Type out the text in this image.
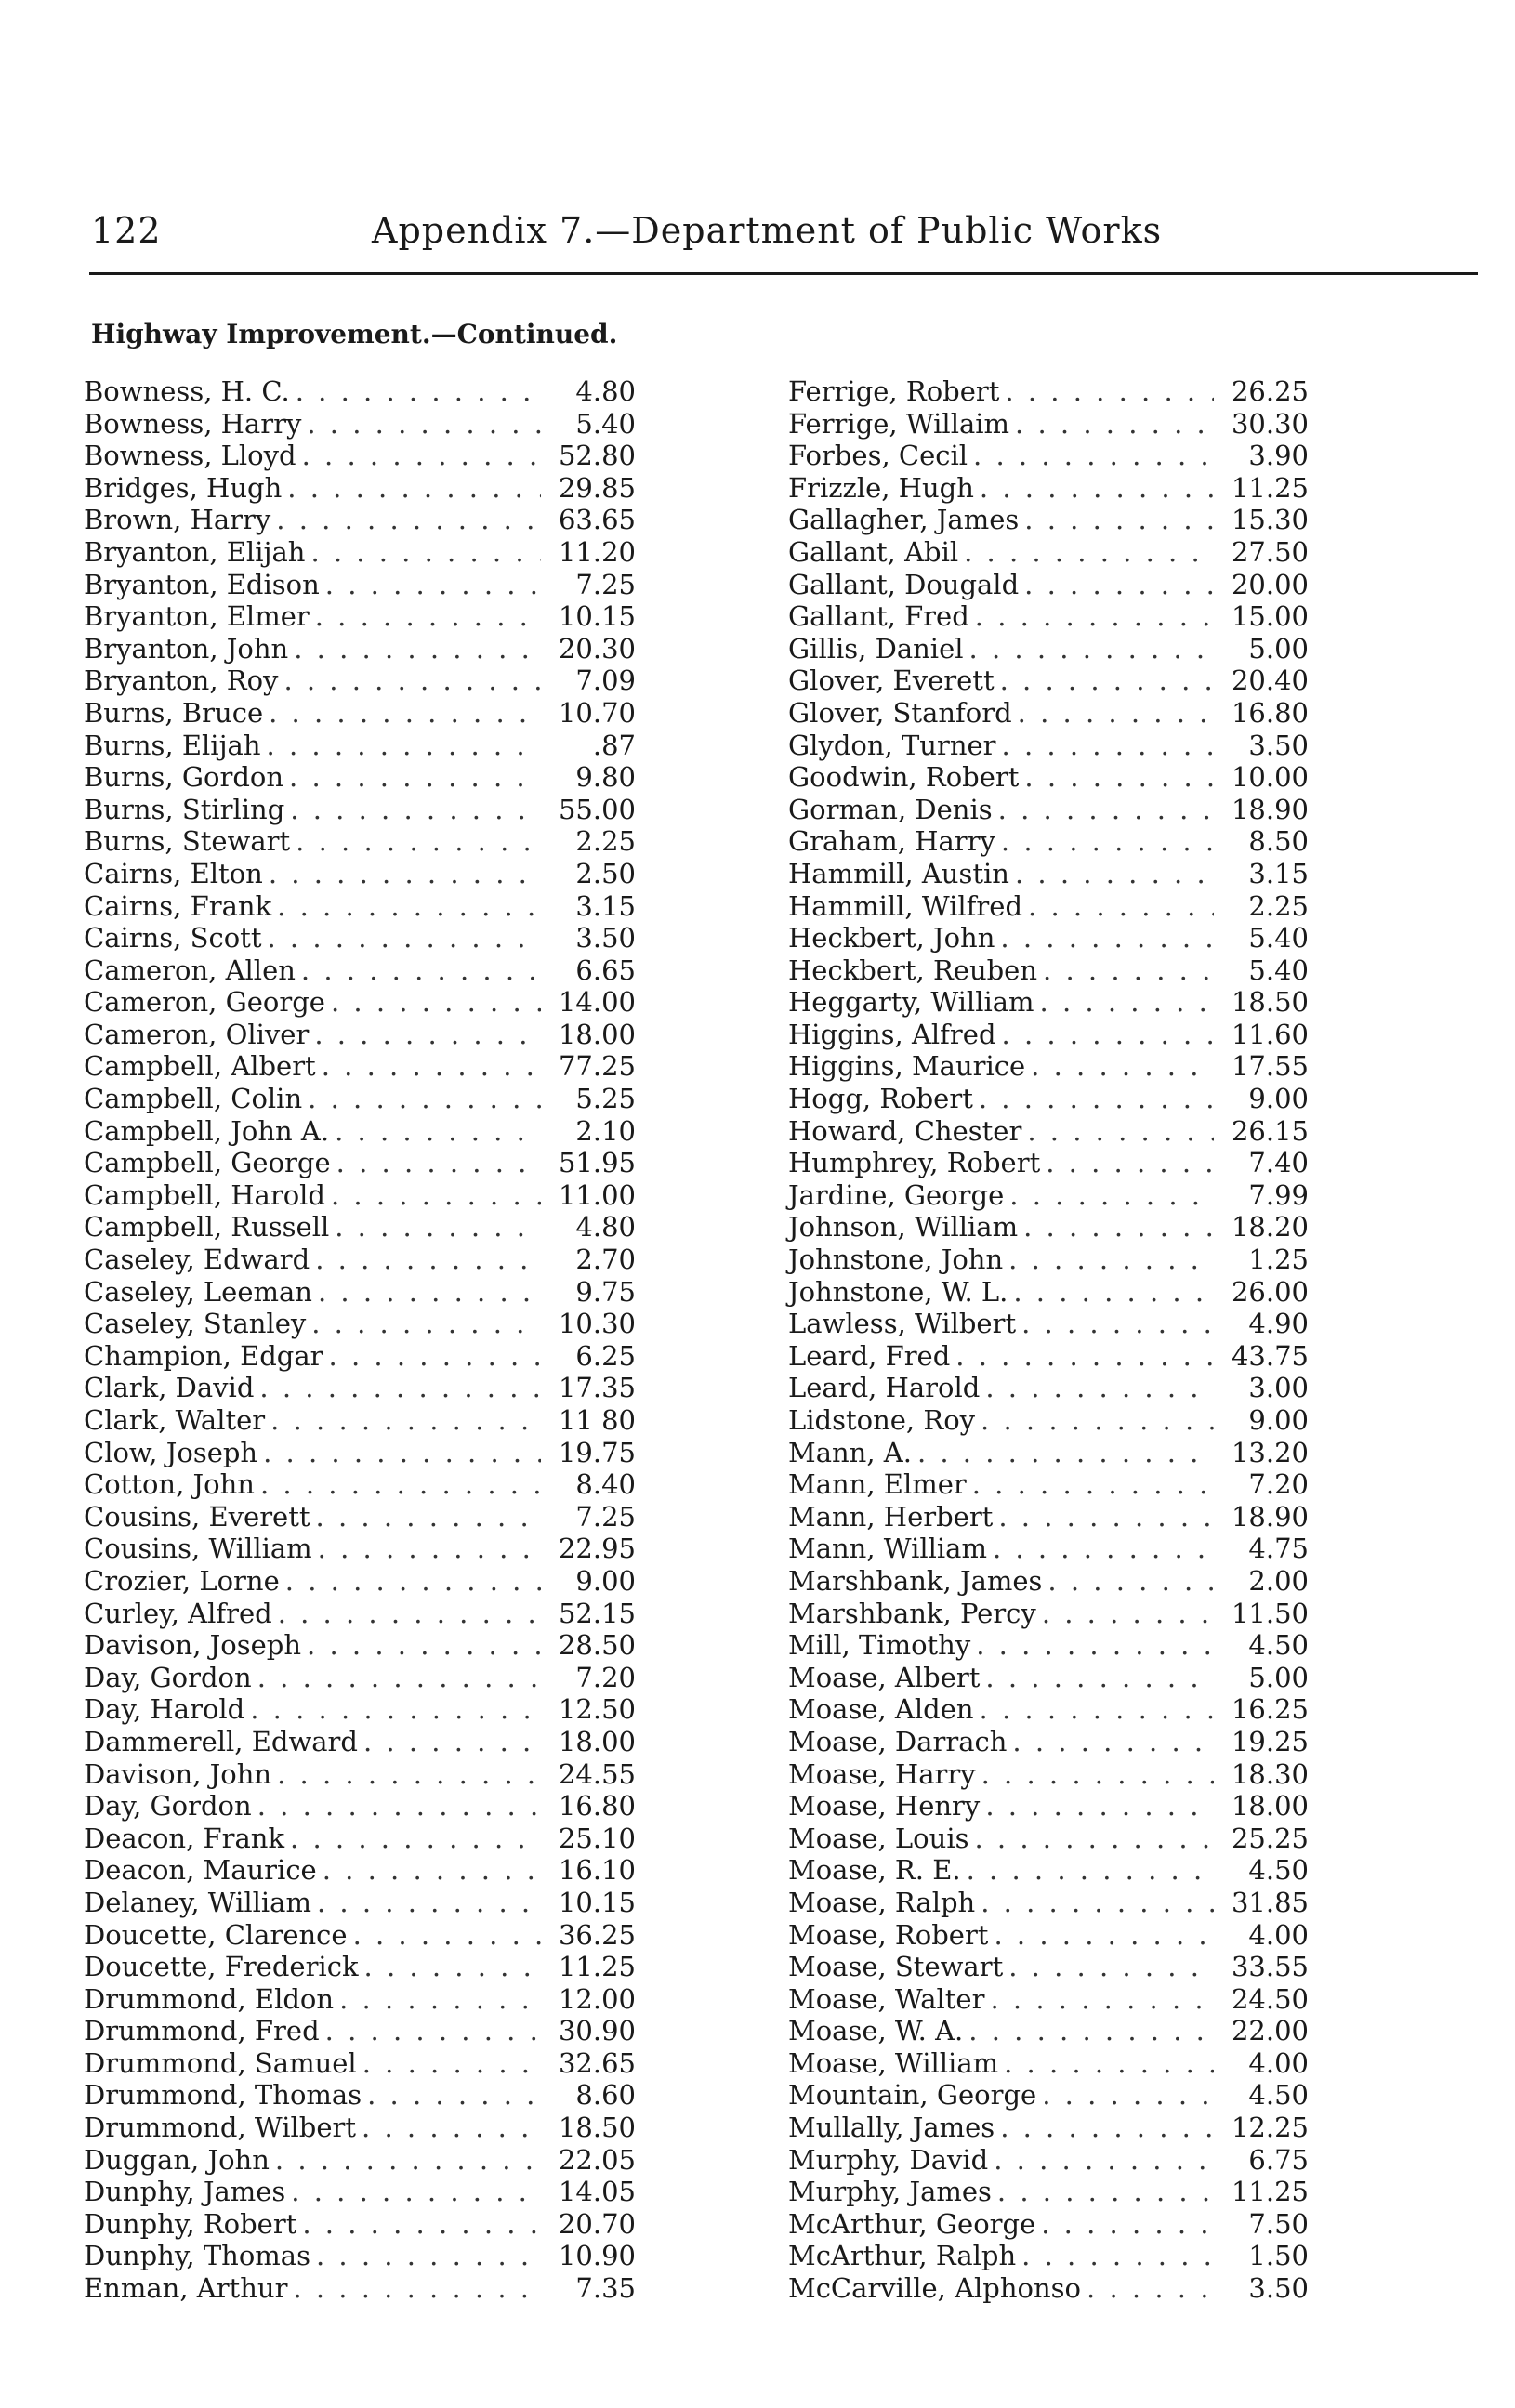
122	Appendix 7.—Department of Public Works
Highway Improvement.—Continued.
Bowness, H. C. . . .	4.80
Bowness, Harry . . .	5.40
Bowness, Lloyd . . .	52.80
Bridges, Hugh . . .	29.85
Brown, Harry . . .	63.65
Bryanton, Elijah . . .	11.20
Bryanton, Edison . . .	7.25
Bryanton, Elmer . . .	10.15
Bryanton, John . . .	20.30
Bryanton, Roy . . .	7.09
Burns, Bruce . . .	10.70
Burns, Elijah . . .	.87
Burns, Gordon . . .	9.80
Burns, Stirling . . .	55.00
Burns, Stewart . . .	2.25
Cairns, Elton . . .	2.50
Cairns, Frank . . .	3.15
Cairns, Scott . . .	3.50
Cameron, Allen . . .	6.65
Cameron, George . . .	14.00
Cameron, Oliver . . .	18.00
Campbell, Albert . . .	77.25
Campbell, Colin . . .	5.25
Campbell, John A. . . .	2.10
Campbell, George . . .	51.95
Campbell, Harold . . .	11.00
Campbell, Russell . . .	4.80
Caseley, Edward . . .	2.70
Caseley, Leeman . . .	9.75
Caseley, Stanley . . .	10.30
Champion, Edgar . . .	6.25
Clark, David . . .	17.35
Clark, Walter . . .	11 80
Clow, Joseph . . .	19.75
Cotton, John . . .	8.40
Cousins, Everett . . .	7.25
Cousins, William . . .	22.95
Crozier, Lorne . . .	9.00
Curley, Alfred . . .	52.15
Davison, Joseph . . .	28.50
Day, Gordon . . .	7.20
Day, Harold . . .	12.50
Dammerell, Edward . . .	18.00
Davison, John . . .	24.55
Day, Gordon . . .	16.80
Deacon, Frank . . .	25.10
Deacon, Maurice . . .	16.10
Delaney, William . . .	10.15
Doucette, Clarence . . .	36.25
Doucette, Frederick . . .	11.25
Drummond, Eldon . . .	12.00
Drummond, Fred . . .	30.90
Drummond, Samuel . . .	32.65
Drummond, Thomas . . .	8.60
Drummond, Wilbert . . .	18.50
Duggan, John . . .	22.05
Dunphy, James . . .	14.05
Dunphy, Robert . . .	20.70
Dunphy, Thomas . . .	10.90
Enman, Arthur . . .	7.35
Ferrige, Robert . . .	26.25
Ferrige, Willaim . . .	30.30
Forbes, Cecil . . .	3.90
Frizzle, Hugh . . .	11.25
Gallagher, James . . .	15.30
Gallant, Abil . . .	27.50
Gallant, Dougald . . .	20.00
Gallant, Fred . . .	15.00
Gillis, Daniel . . .	5.00
Glover, Everett . . .	20.40
Glover, Stanford . . .	16.80
Glydon, Turner . . .	3.50
Goodwin, Robert . . .	10.00
Gorman, Denis . . .	18.90
Graham, Harry . . .	8.50
Hammill, Austin . . .	3.15
Hammill, Wilfred . . .	2.25
Heckbert, John . . .	5.40
Heckbert, Reuben . . .	5.40
Heggarty, William . . .	18.50
Higgins, Alfred . . .	11.60
Higgins, Maurice . . .	17.55
Hogg, Robert . . .	9.00
Howard, Chester . . .	26.15
Humphrey, Robert . . .	7.40
Jardine, George . . .	7.99
Johnson, William . . .	18.20
Johnstone, John . . .	1.25
Johnstone, W. L. . . .	26.00
Lawless, Wilbert . . .	4.90
Leard, Fred . . .	43.75
Leard, Harold . . .	3.00
Lidstone, Roy . . .	9.00
Mann, A. . . .	13.20
Mann, Elmer . . .	7.20
Mann, Herbert . . .	18.90
Mann, William . . .	4.75
Marshbank, James . . .	2.00
Marshbank, Percy . . .	11.50
Mill, Timothy . . .	4.50
Moase, Albert . . .	5.00
Moase, Alden . . .	16.25
Moase, Darrach . . .	19.25
Moase, Harry . . .	18.30
Moase, Henry . . .	18.00
Moase, Louis . . .	25.25
Moase, R. E. . . .	4.50
Moase, Ralph . . .	31.85
Moase, Robert . . .	4.00
Moase, Stewart . . .	33.55
Moase, Walter . . .	24.50
Moase, W. A. . . .	22.00
Moase, William . . .	4.00
Mountain, George . . .	4.50
Mullally, James . . .	12.25
Murphy, David . . .	6.75
Murphy, James . . .	11.25
McArthur, George . . .	7.50
McArthur, Ralph . . .	1.50
McCarville, Alphonso . . .	3.50
